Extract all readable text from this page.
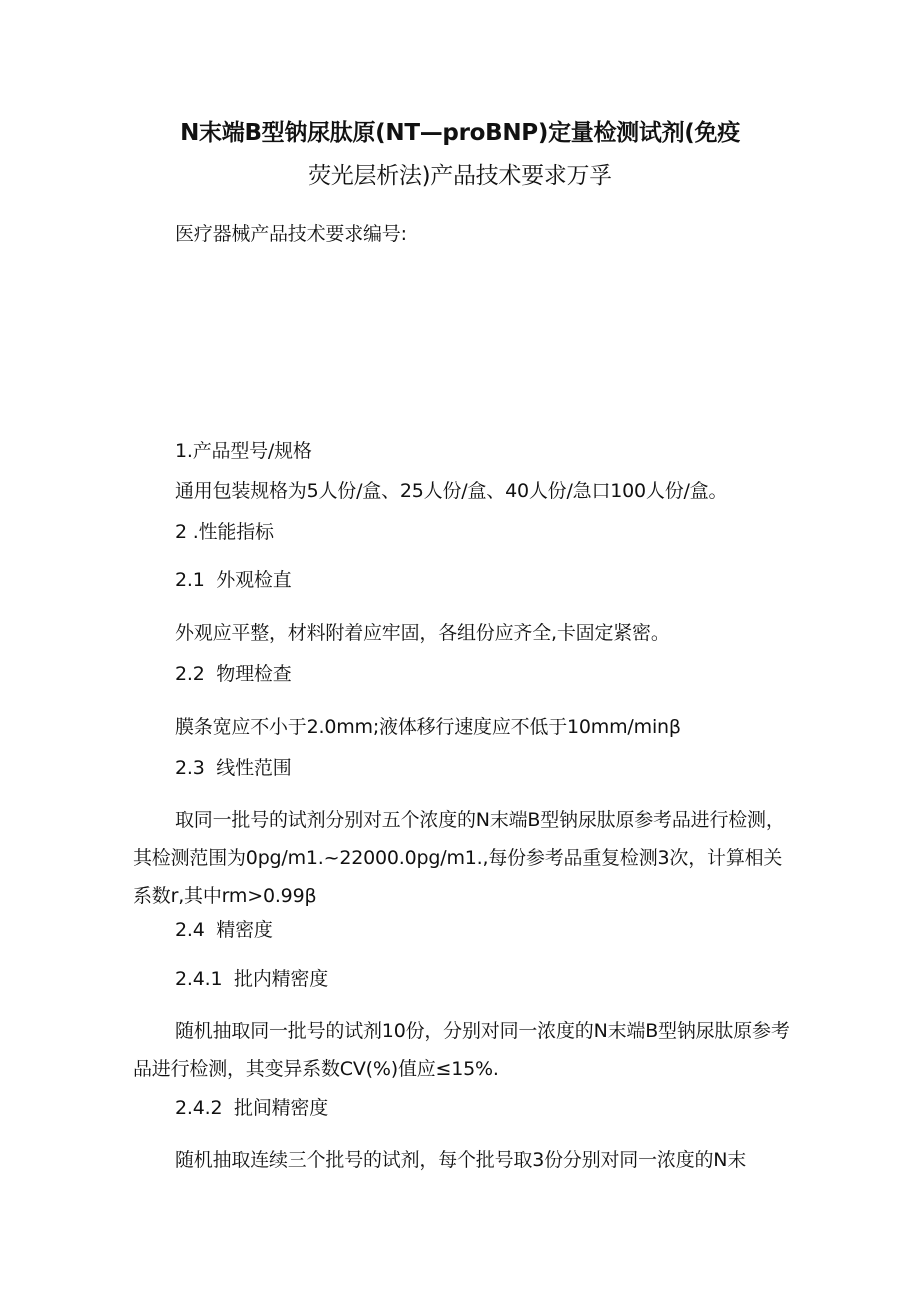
N末端B型钠尿肽原(NT—proBNP)定量检测试剂(免疫
荧光层析法)产品技术要求万孚
医疗器械产品技术要求编号:
1.产品型号/规格
通用包装规格为5人份/盒、25人份/盒、40人份/急口100人份/盒。
2 .性能指标
2.1  外观检直
外观应平整，材料附着应牢固，各组份应齐全,卡固定紧密。
2.2  物理检查
膜条宽应不小于2.0mm;液体移行速度应不低于10mm∕minβ
2.3  线性范围
取同一批号的试剂分别对五个浓度的N末端B型钠尿肽原参考品进行检测，其检测范围为0pg∕m1.~22000.0pg∕m1.,每份参考品重复检测3次，计算相关系数r,其中rm>0.99β
2.4  精密度
2.4.1  批内精密度
随机抽取同一批号的试剂10份，分别对同一浓度的N末端B型钠尿肽原参考品进行检测，其变异系数CV(%)值应≤15%.
2.4.2  批间精密度
随机抽取连续三个批号的试剂，每个批号取3份分别对同一浓度的N末
